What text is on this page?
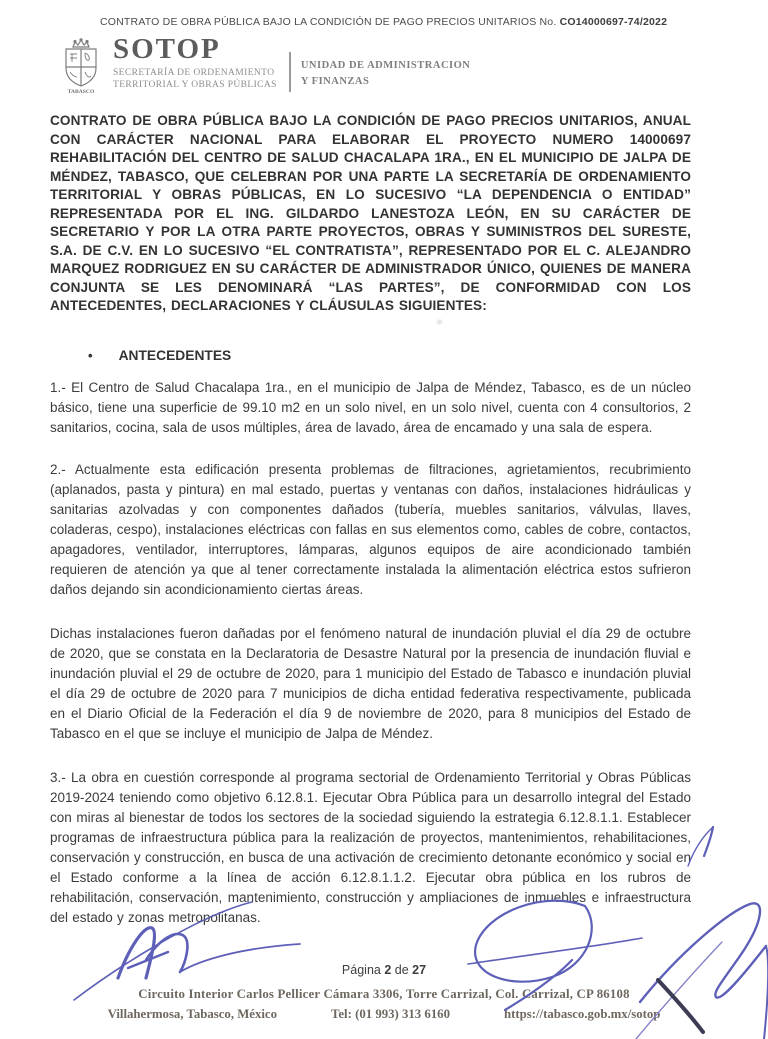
CONTRATO DE OBRA PÚBLICA BAJO LA CONDICIÓN DE PAGO PRECIOS UNITARIOS No. CO14000697-74/2022
TABASCO
SOTOP
SECRETARÍA DE ORDENAMIENTO
TERRITORIAL Y OBRAS PÚBLICAS
UNIDAD DE ADMINISTRACION
Y FINANZAS

CONTRATO DE OBRA PÚBLICA BAJO LA CONDICIÓN DE PAGO PRECIOS UNITARIOS, ANUAL CON CARÁCTER NACIONAL PARA ELABORAR EL PROYECTO NUMERO 14000697 REHABILITACIÓN DEL CENTRO DE SALUD CHACALAPA 1RA., EN EL MUNICIPIO DE JALPA DE MÉNDEZ, TABASCO, QUE CELEBRAN POR UNA PARTE LA SECRETARÍA DE ORDENAMIENTO TERRITORIAL Y OBRAS PÚBLICAS, EN LO SUCESIVO “LA DEPENDENCIA O ENTIDAD” REPRESENTADA POR EL ING. GILDARDO LANESTOZA LEÓN, EN SU CARÁCTER DE SECRETARIO Y POR LA OTRA PARTE PROYECTOS, OBRAS Y SUMINISTROS DEL SURESTE, S.A. DE C.V. EN LO SUCESIVO “EL CONTRATISTA”, REPRESENTADO POR EL C. ALEJANDRO MARQUEZ RODRIGUEZ EN SU CARÁCTER DE ADMINISTRADOR ÚNICO, QUIENES DE MANERA CONJUNTA SE LES DENOMINARÁ “LAS PARTES”, DE CONFORMIDAD CON LOS ANTECEDENTES, DECLARACIONES Y CLÁUSULAS SIGUIENTES:

• ANTECEDENTES

1.- El Centro de Salud Chacalapa 1ra., en el municipio de Jalpa de Méndez, Tabasco, es de un núcleo básico, tiene una superficie de 99.10 m2 en un solo nivel, en un solo nivel, cuenta con 4 consultorios, 2 sanitarios, cocina, sala de usos múltiples, área de lavado, área de encamado y una sala de espera.

2.- Actualmente esta edificación presenta problemas de filtraciones, agrietamientos, recubrimiento (aplanados, pasta y pintura) en mal estado, puertas y ventanas con daños, instalaciones hidráulicas y sanitarias azolvadas y con componentes dañados (tubería, muebles sanitarios, válvulas, llaves, coladeras, cespo), instalaciones eléctricas con fallas en sus elementos como, cables de cobre, contactos, apagadores, ventilador, interruptores, lámparas, algunos equipos de aire acondicionado también requieren de atención ya que al tener correctamente instalada la alimentación eléctrica estos sufrieron daños dejando sin acondicionamiento ciertas áreas.

Dichas instalaciones fueron dañadas por el fenómeno natural de inundación pluvial el día 29 de octubre de 2020, que se constata en la Declaratoria de Desastre Natural por la presencia de inundación fluvial e inundación pluvial el 29 de octubre de 2020, para 1 municipio del Estado de Tabasco e inundación pluvial el día 29 de octubre de 2020 para 7 municipios de dicha entidad federativa respectivamente, publicada en el Diario Oficial de la Federación el día 9 de noviembre de 2020, para 8 municipios del Estado de Tabasco en el que se incluye el municipio de Jalpa de Méndez.

3.- La obra en cuestión corresponde al programa sectorial de Ordenamiento Territorial y Obras Públicas 2019-2024 teniendo como objetivo 6.12.8.1. Ejecutar Obra Pública para un desarrollo integral del Estado con miras al bienestar de todos los sectores de la sociedad siguiendo la estrategia 6.12.8.1.1. Establecer programas de infraestructura pública para la realización de proyectos, mantenimientos, rehabilitaciones, conservación y construcción, en busca de una activación de crecimiento detonante económico y social en el Estado conforme a la línea de acción 6.12.8.1.1.2. Ejecutar obra pública en los rubros de rehabilitación, conservación, mantenimiento, construcción y ampliaciones de inmuebles e infraestructura del estado y zonas metropolitanas.

Página 2 de 27
Circuito Interior Carlos Pellicer Cámara 3306, Torre Carrizal, Col. Carrizal, CP 86108
Villahermosa, Tabasco, México	Tel: (01 993) 313 6160	https://tabasco.gob.mx/sotop
